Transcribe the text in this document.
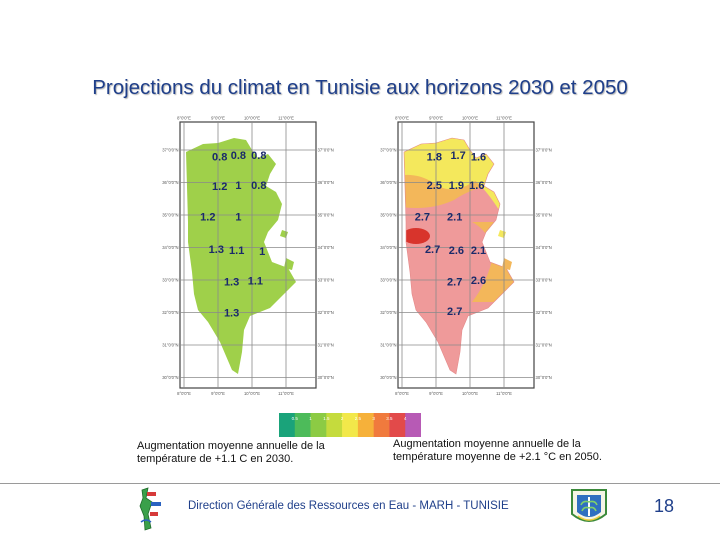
Projections du climat en Tunisie aux horizons 2030 et 2050
8°0'0"E
8°0'0"E
9°0'0"E
9°0'0"E
10°0'0"E
10°0'0"E
11°0'0"E
11°0'0"E
37°0'0"N	37°0'0"N
36°0'0"N	36°0'0"N
35°0'0"N	35°0'0"N
34°0'0"N	34°0'0"N
33°0'0"N	33°0'0"N
32°0'0"N	32°0'0"N
31°0'0"N	31°0'0"N
30°0'0"N	30°0'0"N
0.8 0.8 0.8
1.2 1 0.8
1.2 1
1.3 1.1 1
1.3 1.1
1.3
8°0'0"E
8°0'0"E
9°0'0"E
9°0'0"E
10°0'0"E
10°0'0"E
11°0'0"E
11°0'0"E
37°0'0"N	37°0'0"N
36°0'0"N	36°0'0"N
35°0'0"N	35°0'0"N
34°0'0"N	34°0'0"N
33°0'0"N	33°0'0"N
32°0'0"N	32°0'0"N
31°0'0"N	31°0'0"N
30°0'0"N	30°0'0"N
1.8 1.7 1.6
2.5 1.9 1.6
2.7 2.1
2.7 2.6 2.1
2.7 2.6
2.7
0.5	1	1.5	2	2.5	3	3.5	4
Augmentation moyenne annuelle de la température de +1.1 C en 2030.
Augmentation moyenne annuelle de la température moyenne de +2.1 °C en 2050.
Direction Générale des Ressources en Eau - MARH - TUNISIE	18
